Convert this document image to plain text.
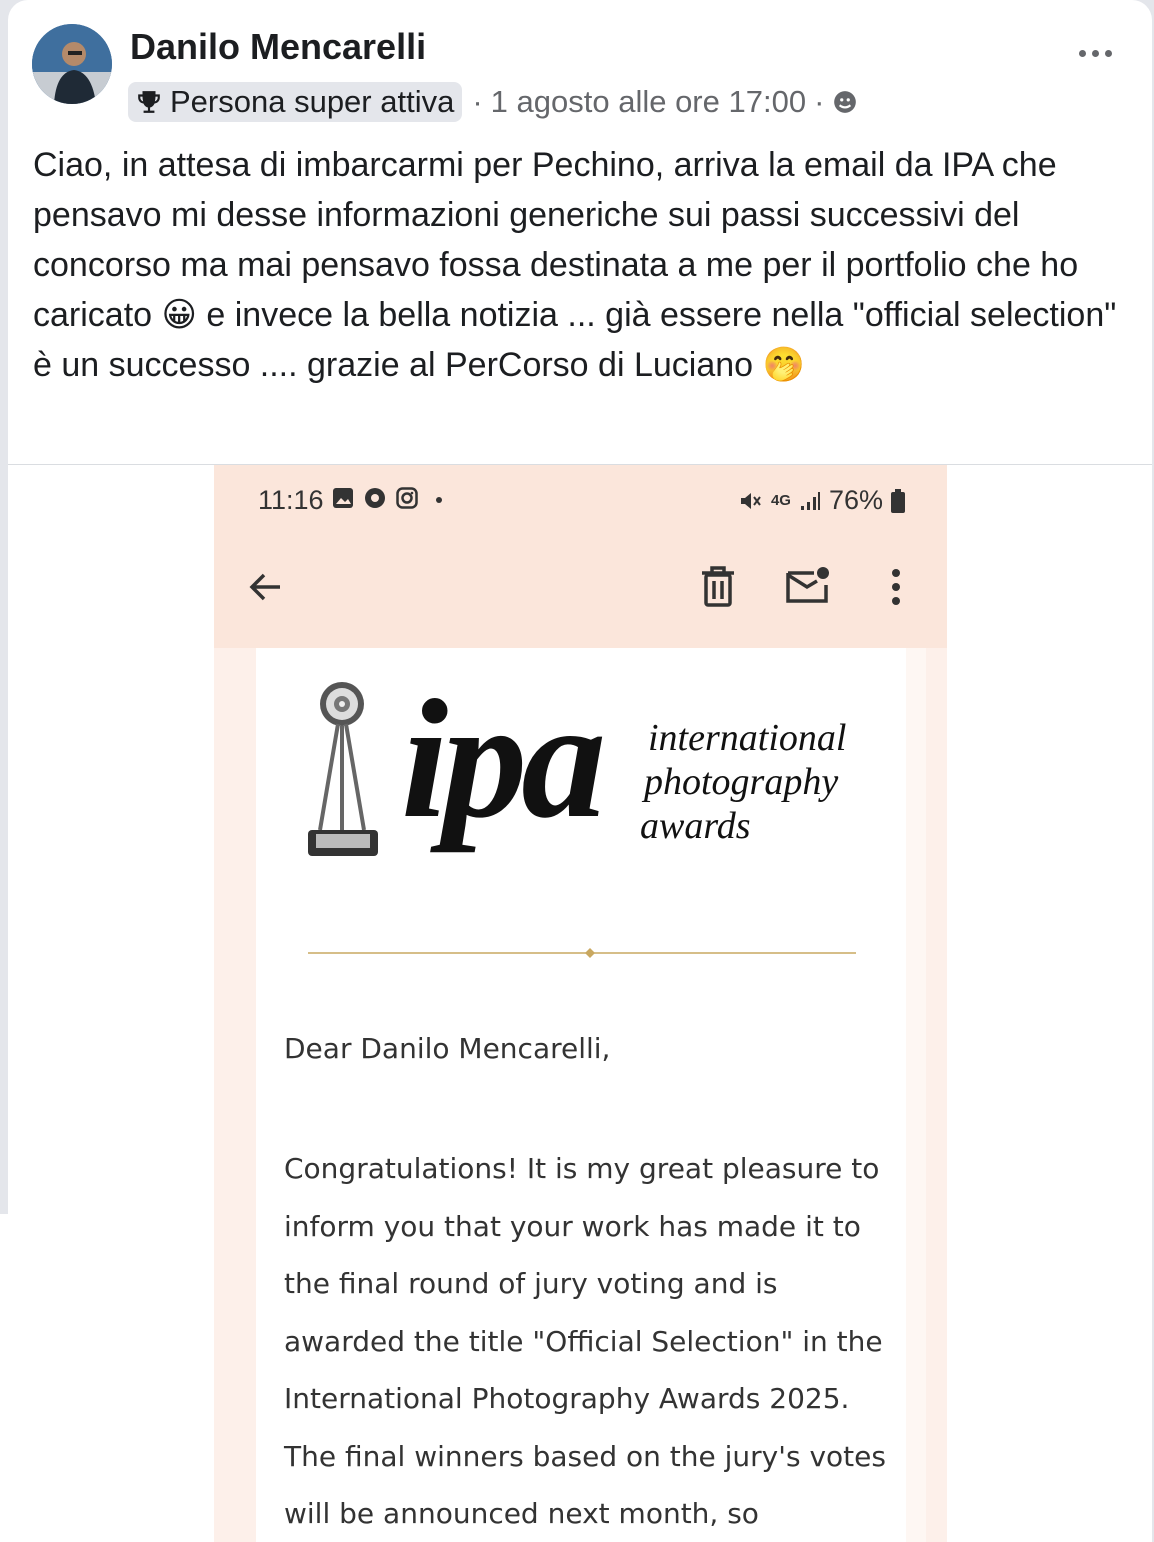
Danilo Mencarelli
Persona super attiva · 1 agosto alle ore 17:00 ·
Ciao, in attesa di imbarcarmi per Pechino, arriva la email da IPA che pensavo mi desse informazioni generiche sui passi successivi del concorso ma mai pensavo fossa destinata a me per il portfolio che ho caricato 😀 e invece la bella notizia ... già essere nella "official selection" è un successo .... grazie al PerCorso di Luciano 🤭
11:16	4G 76%
ipa international
photography
awards
Dear Danilo Mencarelli,
Congratulations! It is my great pleasure to inform you that your work has made it to the final round of jury voting and is awarded the title "Official Selection" in the International Photography Awards 2025. The final winners based on the jury's votes will be announced next month, so
